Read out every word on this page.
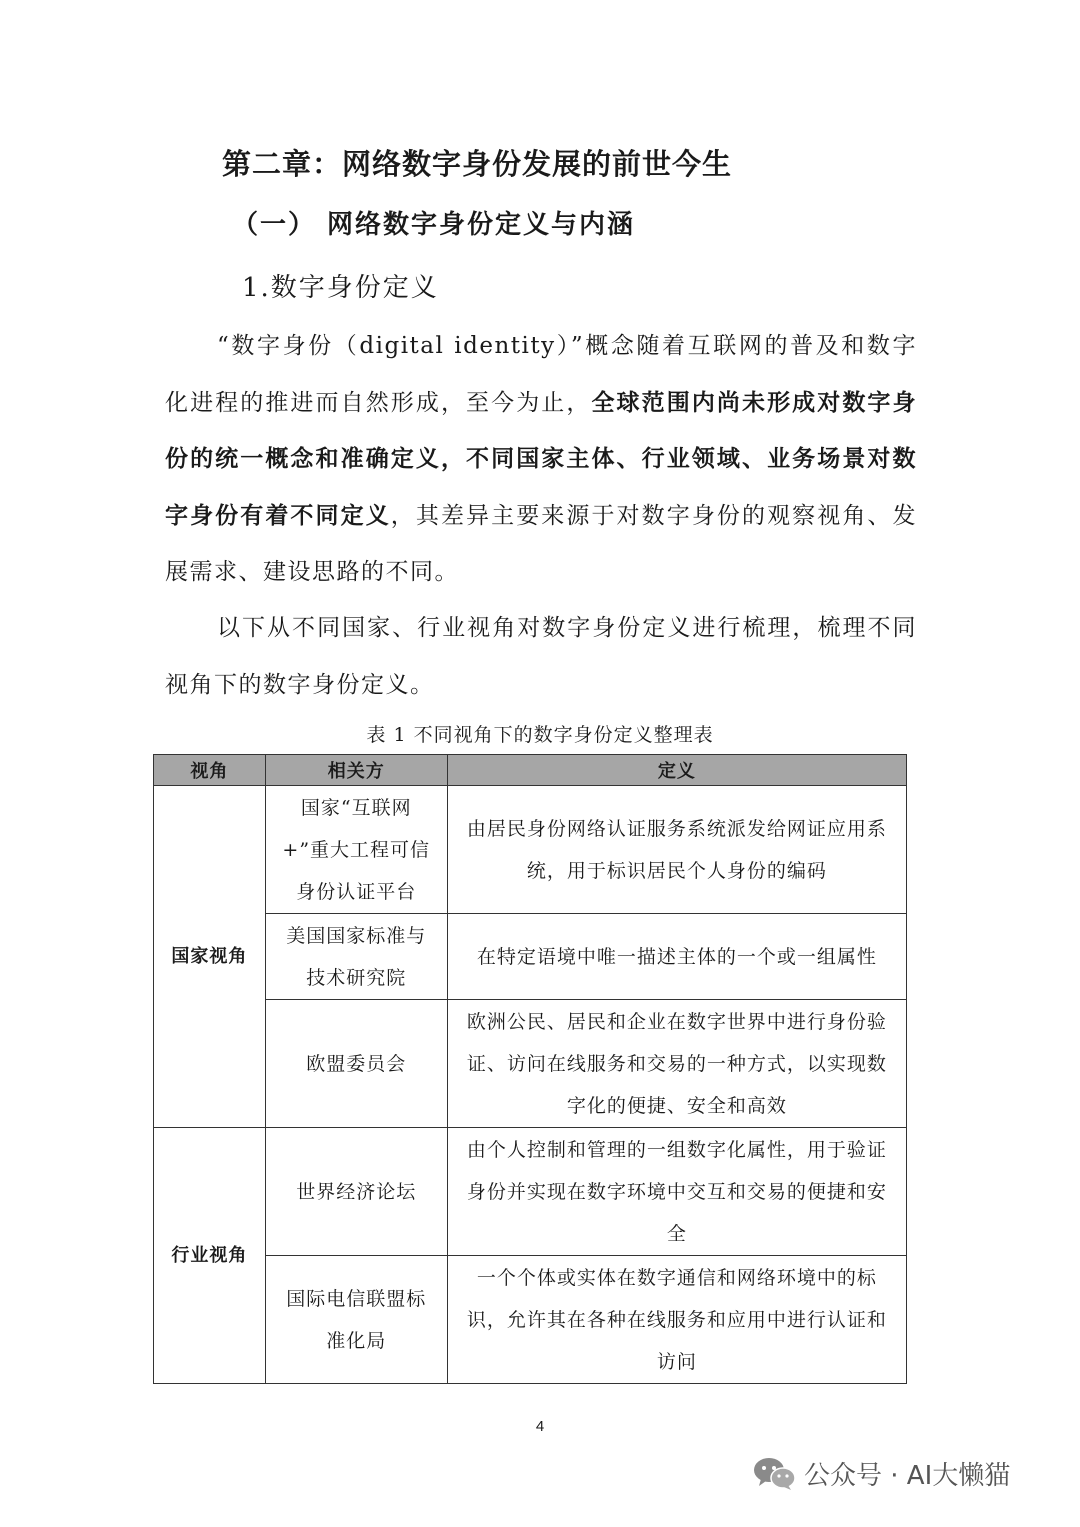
第二章：网络数字身份发展的前世今生
（一） 网络数字身份定义与内涵
1.数字身份定义

“数字身份（digital identity）”概念随着互联网的普及和数字化进程的推进而自然形成，至今为止，全球范围内尚未形成对数字身份的统一概念和准确定义，不同国家主体、行业领域、业务场景对数字身份有着不同定义，其差异主要来源于对数字身份的观察视角、发展需求、建设思路的不同。

以下从不同国家、行业视角对数字身份定义进行梳理，梳理不同视角下的数字身份定义。

表 1 不同视角下的数字身份定义整理表
视角	相关方	定义
国家视角	国家“互联网+”重大工程可信身份认证平台	由居民身份网络认证服务系统派发给网证应用系统，用于标识居民个人身份的编码
	美国国家标准与技术研究院	在特定语境中唯一描述主体的一个或一组属性
	欧盟委员会	欧洲公民、居民和企业在数字世界中进行身份验证、访问在线服务和交易的一种方式，以实现数字化的便捷、安全和高效
行业视角	世界经济论坛	由个人控制和管理的一组数字化属性，用于验证身份并实现在数字环境中交互和交易的便捷和安全
	国际电信联盟标准化局	一个个体或实体在数字通信和网络环境中的标识，允许其在各种在线服务和应用中进行认证和访问
4
公众号 · AI大懒猫
